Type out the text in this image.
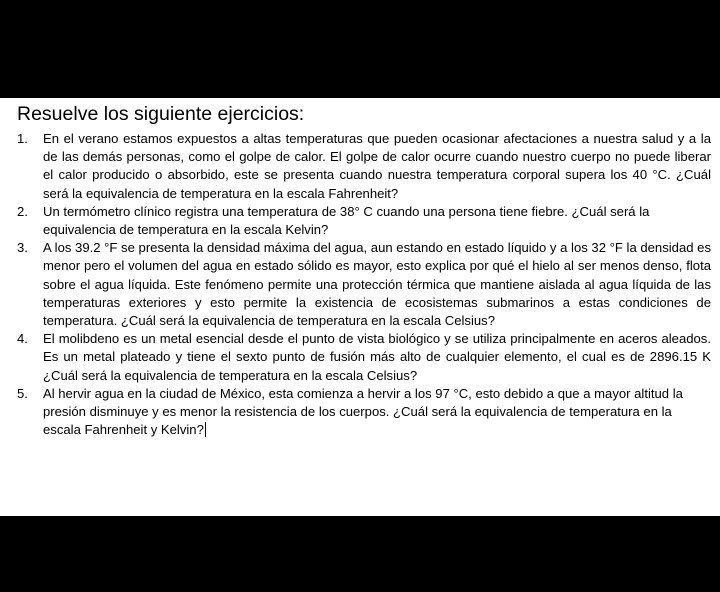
Resuelve los siguiente ejercicios:
1. En el verano estamos expuestos a altas temperaturas que pueden ocasionar afectaciones a nuestra salud y a la de las demás personas, como el golpe de calor. El golpe de calor ocurre cuando nuestro cuerpo no puede liberar el calor producido o absorbido, este se presenta cuando nuestra temperatura corporal supera los 40 °C. ¿Cuál será la equivalencia de temperatura en la escala Fahrenheit?
2. Un termómetro clínico registra una temperatura de 38° C cuando una persona tiene fiebre. ¿Cuál será la equivalencia de temperatura en la escala Kelvin?
3. A los 39.2 °F se presenta la densidad máxima del agua, aun estando en estado líquido y a los 32 °F la densidad es menor pero el volumen del agua en estado sólido es mayor, esto explica por qué el hielo al ser menos denso, flota sobre el agua líquida. Este fenómeno permite una protección térmica que mantiene aislada al agua líquida de las temperaturas exteriores y esto permite la existencia de ecosistemas submarinos a estas condiciones de temperatura. ¿Cuál será la equivalencia de temperatura en la escala Celsius?
4. El molibdeno es un metal esencial desde el punto de vista biológico y se utiliza principalmente en aceros aleados. Es un metal plateado y tiene el sexto punto de fusión más alto de cualquier elemento, el cual es de 2896.15 K ¿Cuál será la equivalencia de temperatura en la escala Celsius?
5. Al hervir agua en la ciudad de México, esta comienza a hervir a los 97 °C, esto debido a que a mayor altitud la presión disminuye y es menor la resistencia de los cuerpos. ¿Cuál será la equivalencia de temperatura en la escala Fahrenheit y Kelvin?
